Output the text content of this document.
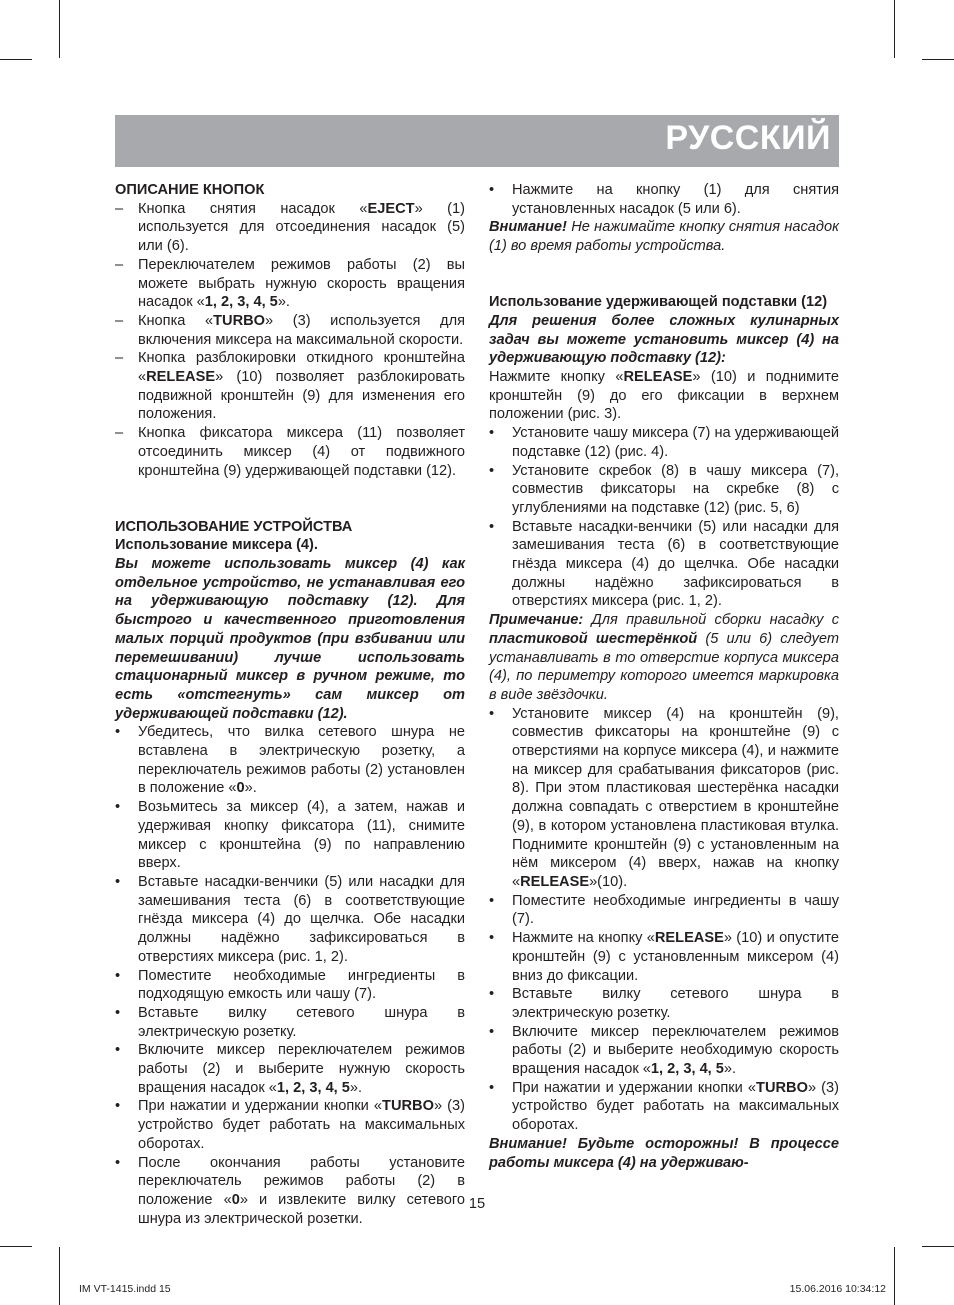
РУССКИЙ

ОПИСАНИЕ КНОПОК

– Кнопка снятия насадок «EJECT» (1) используется для отсоединения насадок (5) или (6).
– Переключателем режимов работы (2) вы можете выбрать нужную скорость вращения насадок «1, 2, 3, 4, 5».
– Кнопка «TURBO» (3) используется для включения миксера на максимальной скорости.
– Кнопка разблокировки откидного кронштейна «RELEASE» (10) позволяет разблокировать подвижной кронштейн (9) для изменения его положения.
– Кнопка фиксатора миксера (11) позволяет отсоединить миксер (4) от подвижного кронштейна (9) удерживающей подставки (12).

ИСПОЛЬЗОВАНИЕ УСТРОЙСТВА

Использование миксера (4).

Вы можете использовать миксер (4) как отдельное устройство, не устанавливая его на удерживающую подставку (12). Для быстрого и качественного приготовления малых порций продуктов (при взбивании или перемешивании) лучше использовать стационарный миксер в ручном режиме, то есть «отстегнуть» сам миксер от удерживающей подставки (12).

• Убедитесь, что вилка сетевого шнура не вставлена в электрическую розетку, а переключатель режимов работы (2) установлен в положение «0».
• Возьмитесь за миксер (4), а затем, нажав и удерживая кнопку фиксатора (11), снимите миксер с кронштейна (9) по направлению вверх.
• Вставьте насадки-венчики (5) или насадки для замешивания теста (6) в соответствующие гнёзда миксера (4) до щелчка. Обе насадки должны надёжно зафиксироваться в отверстиях миксера (рис. 1, 2).
• Поместите необходимые ингредиенты в подходящую емкость или чашу (7).
• Вставьте вилку сетевого шнура в электрическую розетку.
• Включите миксер переключателем режимов работы (2) и выберите нужную скорость вращения насадок «1, 2, 3, 4, 5».
• При нажатии и удержании кнопки «TURBO» (3) устройство будет работать на максимальных оборотах.
• После окончания работы установите переключатель режимов работы (2) в положение «0» и извлеките вилку сетевого шнура из электрической розетки.
• Нажмите на кнопку (1) для снятия установленных насадок (5 или 6).

Внимание! Не нажимайте кнопку снятия насадок (1) во время работы устройства.

Использование удерживающей подставки (12)

Для решения более сложных кулинарных задач вы можете установить миксер (4) на удерживающую подставку (12):

Нажмите кнопку «RELEASE» (10) и поднимите кронштейн (9) до его фиксации в верхнем положении (рис. 3).

• Установите чашу миксера (7) на удерживающей подставке (12) (рис. 4).
• Установите скребок (8) в чашу миксера (7), совместив фиксаторы на скребке (8) с углублениями на подставке (12) (рис. 5, 6)
• Вставьте насадки-венчики (5) или насадки для замешивания теста (6) в соответствующие гнёзда миксера (4) до щелчка. Обе насадки должны надёжно зафиксироваться в отверстиях миксера (рис. 1, 2).

Примечание: Для правильной сборки насадку с пластиковой шестерёнкой (5 или 6) следует устанавливать в то отверстие корпуса миксера (4), по периметру которого имеется маркировка в виде звёздочки.

• Установите миксер (4) на кронштейн (9), совместив фиксаторы на кронштейне (9) с отверстиями на корпусе миксера (4), и нажмите на миксер для срабатывания фиксаторов (рис. 8). При этом пластиковая шестерёнка насадки должна совпадать с отверстием в кронштейне (9), в котором установлена пластиковая втулка. Поднимите кронштейн (9) с установленным на нём миксером (4) вверх, нажав на кнопку «RELEASE»(10).
• Поместите необходимые ингредиенты в чашу (7).
• Нажмите на кнопку «RELEASE» (10) и опустите кронштейн (9) с установленным миксером (4) вниз до фиксации.
• Вставьте вилку сетевого шнура в электрическую розетку.
• Включите миксер переключателем режимов работы (2) и выберите необходимую скорость вращения насадок «1, 2, 3, 4, 5».
• При нажатии и удержании кнопки «TURBO» (3) устройство будет работать на максимальных оборотах.

Внимание! Будьте осторожны! В процессе работы миксера (4) на удерживаю-

15
IM VT-1415.indd 15	15.06.2016 10:34:12
